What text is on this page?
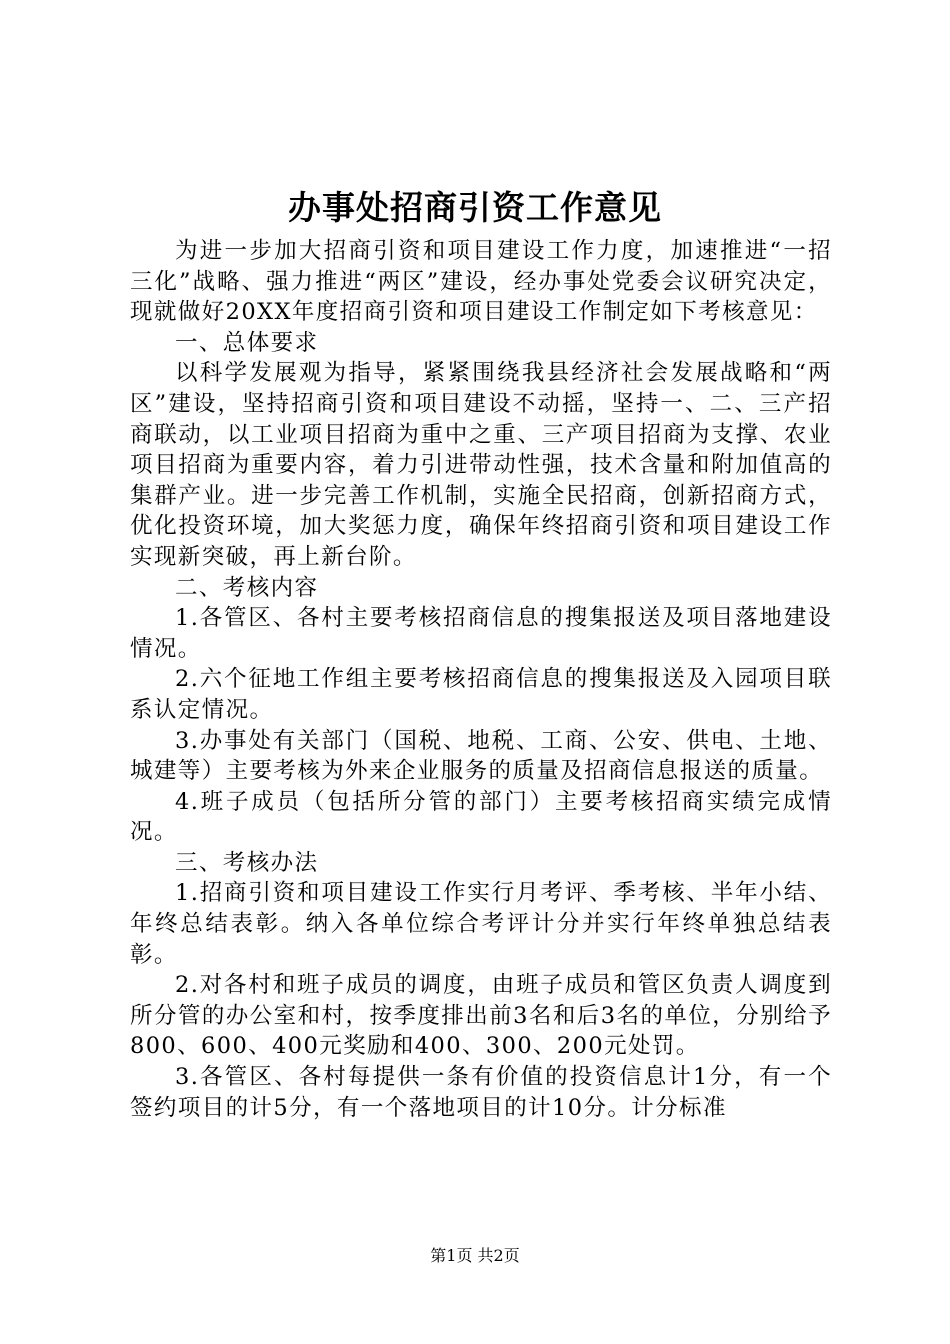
办事处招商引资工作意见

为进一步加大招商引资和项目建设工作力度，加速推进“一招三化”战略、强力推进“两区”建设，经办事处党委会议研究决定，现就做好20XX年度招商引资和项目建设工作制定如下考核意见：

一、总体要求

以科学发展观为指导，紧紧围绕我县经济社会发展战略和“两区”建设，坚持招商引资和项目建设不动摇，坚持一、二、三产招商联动，以工业项目招商为重中之重、三产项目招商为支撑、农业项目招商为重要内容，着力引进带动性强，技术含量和附加值高的集群产业。进一步完善工作机制，实施全民招商，创新招商方式，优化投资环境，加大奖惩力度，确保年终招商引资和项目建设工作实现新突破，再上新台阶。

二、考核内容

1.各管区、各村主要考核招商信息的搜集报送及项目落地建设情况。

2.六个征地工作组主要考核招商信息的搜集报送及入园项目联系认定情况。

3.办事处有关部门（国税、地税、工商、公安、供电、土地、城建等）主要考核为外来企业服务的质量及招商信息报送的质量。

4.班子成员（包括所分管的部门）主要考核招商实绩完成情况。

三、考核办法

1.招商引资和项目建设工作实行月考评、季考核、半年小结、年终总结表彰。纳入各单位综合考评计分并实行年终单独总结表彰。

2.对各村和班子成员的调度，由班子成员和管区负责人调度到所分管的办公室和村，按季度排出前3名和后3名的单位，分别给予800、600、400元奖励和400、300、200元处罚。

3.各管区、各村每提供一条有价值的投资信息计1分，有一个签约项目的计5分，有一个落地项目的计10分。计分标准

第1页 共2页
